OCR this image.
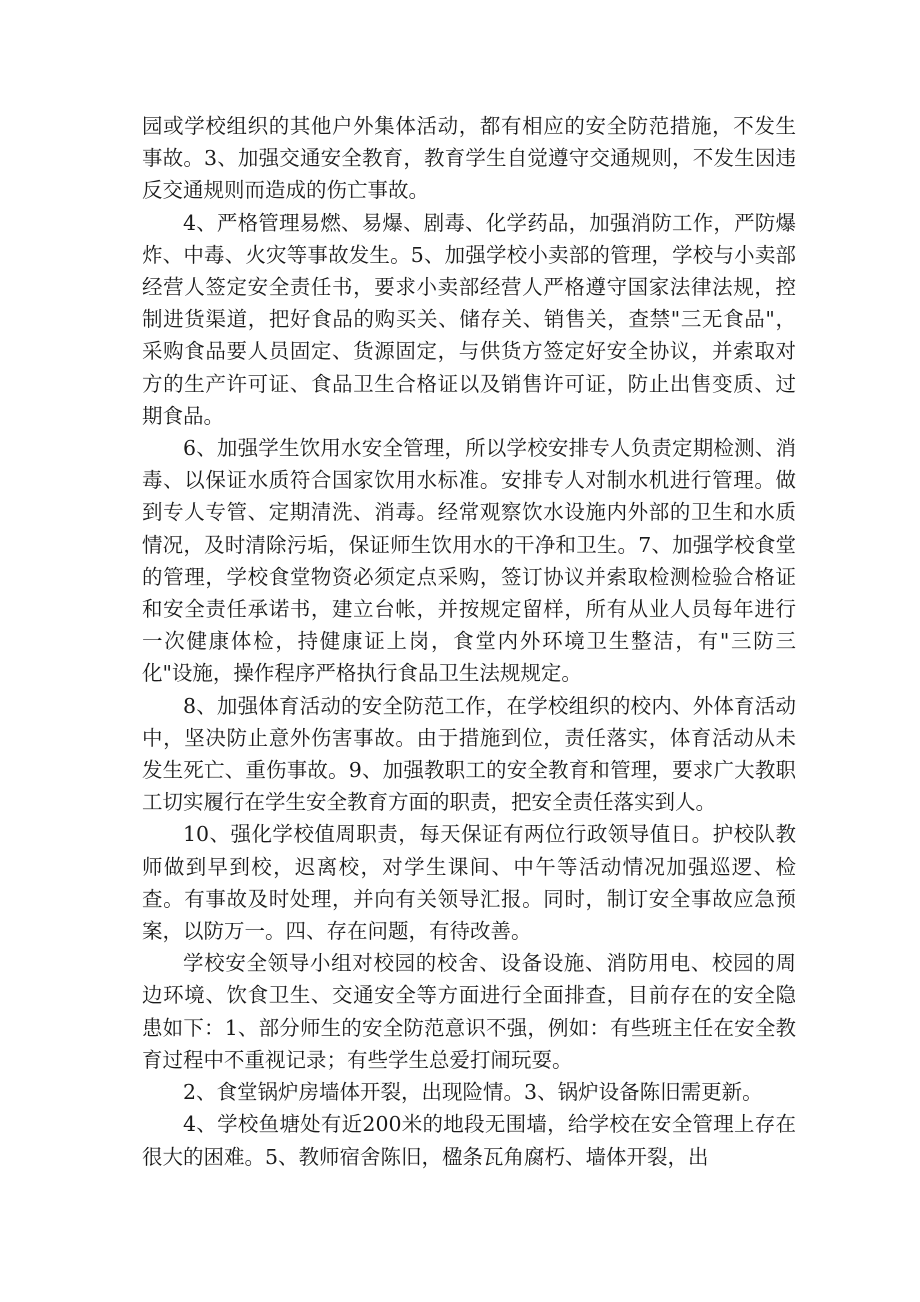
园或学校组织的其他户外集体活动，都有相应的安全防范措施，不发生事故。3、加强交通安全教育，教育学生自觉遵守交通规则，不发生因违反交通规则而造成的伤亡事故。

4、严格管理易燃、易爆、剧毒、化学药品，加强消防工作，严防爆炸、中毒、火灾等事故发生。5、加强学校小卖部的管理，学校与小卖部经营人签定安全责任书，要求小卖部经营人严格遵守国家法律法规，控制进货渠道，把好食品的购买关、储存关、销售关，查禁"三无食品"，采购食品要人员固定、货源固定，与供货方签定好安全协议，并索取对方的生产许可证、食品卫生合格证以及销售许可证，防止出售变质、过期食品。

6、加强学生饮用水安全管理，所以学校安排专人负责定期检测、消毒、以保证水质符合国家饮用水标准。安排专人对制水机进行管理。做到专人专管、定期清洗、消毒。经常观察饮水设施内外部的卫生和水质情况，及时清除污垢，保证师生饮用水的干净和卫生。7、加强学校食堂的管理，学校食堂物资必须定点采购，签订协议并索取检测检验合格证和安全责任承诺书，建立台帐，并按规定留样，所有从业人员每年进行一次健康体检，持健康证上岗，食堂内外环境卫生整洁，有"三防三化"设施，操作程序严格执行食品卫生法规规定。

8、加强体育活动的安全防范工作，在学校组织的校内、外体育活动中，坚决防止意外伤害事故。由于措施到位，责任落实，体育活动从未发生死亡、重伤事故。9、加强教职工的安全教育和管理，要求广大教职工切实履行在学生安全教育方面的职责，把安全责任落实到人。

10、强化学校值周职责，每天保证有两位行政领导值日。护校队教师做到早到校，迟离校，对学生课间、中午等活动情况加强巡逻、检查。有事故及时处理，并向有关领导汇报。同时，制订安全事故应急预案，以防万一。四、存在问题，有待改善。

学校安全领导小组对校园的校舍、设备设施、消防用电、校园的周边环境、饮食卫生、交通安全等方面进行全面排查，目前存在的安全隐患如下：1、部分师生的安全防范意识不强，例如：有些班主任在安全教育过程中不重视记录；有些学生总爱打闹玩耍。

2、食堂锅炉房墙体开裂，出现险情。3、锅炉设备陈旧需更新。

4、学校鱼塘处有近200米的地段无围墙，给学校在安全管理上存在很大的困难。5、教师宿舍陈旧，楹条瓦角腐朽、墙体开裂，出
